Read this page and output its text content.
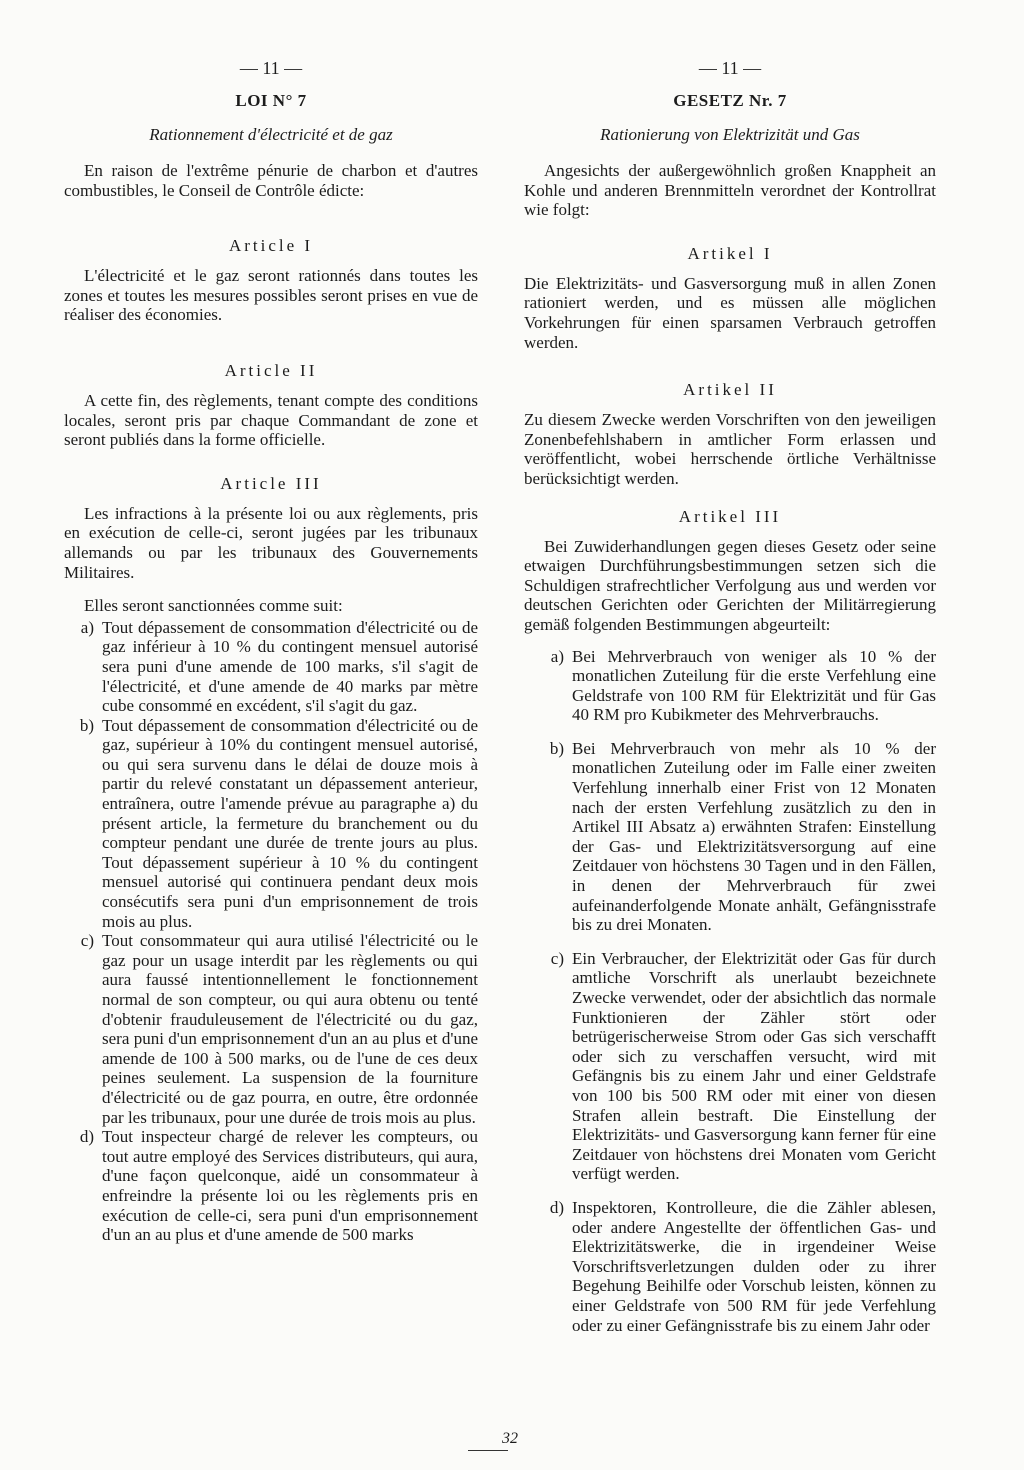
— 11 —
LOI N° 7
Rationnement d'électricité et de gaz

En raison de l'extrême pénurie de charbon et d'autres combustibles, le Conseil de Contrôle édicte:

Article I

L'électricité et le gaz seront rationnés dans toutes les zones et toutes les mesures possibles seront prises en vue de réaliser des économies.

Article II

A cette fin, des règlements, tenant compte des conditions locales, seront pris par chaque Commandant de zone et seront publiés dans la forme officielle.

Article III

Les infractions à la présente loi ou aux règlements, pris en exécution de celle-ci, seront jugées par les tribunaux allemands ou par les tribunaux des Gouvernements Militaires.

Elles seront sanctionnées comme suit:

a) Tout dépassement de consommation d'électricité ou de gaz inférieur à 10 % du contingent mensuel autorisé sera puni d'une amende de 100 marks, s'il s'agit de l'électricité, et d'une amende de 40 marks par mètre cube consommé en excédent, s'il s'agit du gaz.
b) Tout dépassement de consommation d'électricité ou de gaz, supérieur à 10% du contingent mensuel autorisé, ou qui sera survenu dans le délai de douze mois à partir du relevé constatant un dépassement anterieur, entraînera, outre l'amende prévue au paragraphe a) du présent article, la fermeture du branchement ou du compteur pendant une durée de trente jours au plus. Tout dépassement supérieur à 10 % du contingent mensuel autorisé qui continuera pendant deux mois consécutifs sera puni d'un emprisonnement de trois mois au plus.
c) Tout consommateur qui aura utilisé l'électricité ou le gaz pour un usage interdit par les règlements ou qui aura faussé intentionnellement le fonctionnement normal de son compteur, ou qui aura obtenu ou tenté d'obtenir frauduleusement de l'électricité ou du gaz, sera puni d'un emprisonnement d'un an au plus et d'une amende de 100 à 500 marks, ou de l'une de ces deux peines seulement. La suspension de la fourniture d'électricité ou de gaz pourra, en outre, être ordonnée par les tribunaux, pour une durée de trois mois au plus.
d) Tout inspecteur chargé de relever les compteurs, ou tout autre employé des Services distributeurs, qui aura, d'une façon quelconque, aidé un consommateur à enfreindre la présente loi ou les règlements pris en exécution de celle-ci, sera puni d'un emprisonnement d'un an au plus et d'une amende de 500 marks
— 11 —
GESETZ Nr. 7
Rationierung von Elektrizität und Gas

Angesichts der außergewöhnlich großen Knappheit an Kohle und anderen Brennmitteln verordnet der Kontrollrat wie folgt:

Artikel I

Die Elektrizitäts- und Gasversorgung muß in allen Zonen rationiert werden, und es müssen alle möglichen Vorkehrungen für einen sparsamen Verbrauch getroffen werden.

Artikel II

Zu diesem Zwecke werden Vorschriften von den jeweiligen Zonenbefehlshabern in amtlicher Form erlassen und veröffentlicht, wobei herrschende örtliche Verhältnisse berücksichtigt werden.

Artikel III

Bei Zuwiderhandlungen gegen dieses Gesetz oder seine etwaigen Durchführungsbestimmungen setzen sich die Schuldigen strafrechtlicher Verfolgung aus und werden vor deutschen Gerichten oder Gerichten der Militärregierung gemäß folgenden Bestimmungen abgeurteilt:

a) Bei Mehrverbrauch von weniger als 10 % der monatlichen Zuteilung für die erste Verfehlung eine Geldstrafe von 100 RM für Elektrizität und für Gas 40 RM pro Kubikmeter des Mehrverbrauchs.
b) Bei Mehrverbrauch von mehr als 10 % der monatlichen Zuteilung oder im Falle einer zweiten Verfehlung innerhalb einer Frist von 12 Monaten nach der ersten Verfehlung zusätzlich zu den in Artikel III Absatz a) erwähnten Strafen: Einstellung der Gas- und Elektrizitätsversorgung auf eine Zeitdauer von höchstens 30 Tagen und in den Fällen, in denen der Mehrverbrauch für zwei aufeinanderfolgende Monate anhält, Gefängnisstrafe bis zu drei Monaten.
c) Ein Verbraucher, der Elektrizität oder Gas für durch amtliche Vorschrift als unerlaubt bezeichnete Zwecke verwendet, oder der absichtlich das normale Funktionieren der Zähler stört oder betrügerischerweise Strom oder Gas sich verschafft oder sich zu verschaffen versucht, wird mit Gefängnis bis zu einem Jahr und einer Geldstrafe von 100 bis 500 RM oder mit einer von diesen Strafen allein bestraft. Die Einstellung der Elektrizitäts- und Gasversorgung kann ferner für eine Zeitdauer von höchstens drei Monaten vom Gericht verfügt werden.
d) Inspektoren, Kontrolleure, die die Zähler ablesen, oder andere Angestellte der öffentlichen Gas- und Elektrizitätswerke, die in irgendeiner Weise Vorschriftsverletzungen dulden oder zu ihrer Begehung Beihilfe oder Vorschub leisten, können zu einer Geldstrafe von 500 RM für jede Verfehlung oder zu einer Gefängnisstrafe bis zu einem Jahr oder
32
